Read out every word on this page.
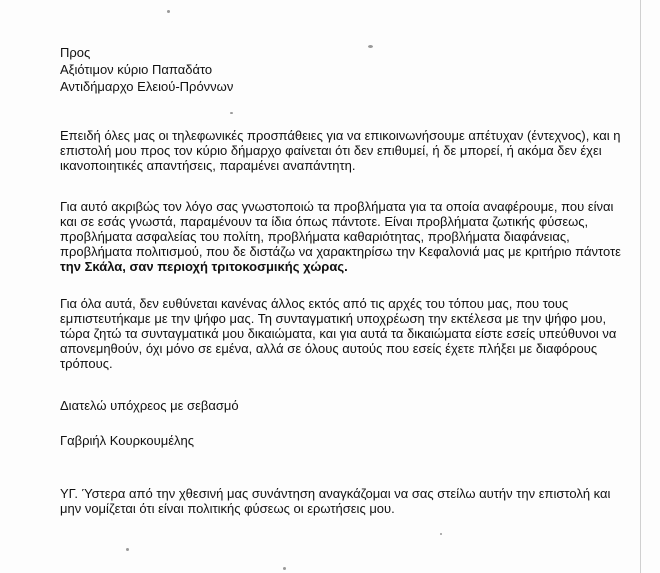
Προς
Αξιότιμον κύριο Παπαδάτο
Αντιδήμαρχο Ελειού-Πρόννων
Επειδή όλες μας οι τηλεφωνικές προσπάθειες για να επικοινωνήσουμε απέτυχαν (έντεχνος), και η
επιστολή μου προς τον κύριο δήμαρχο φαίνεται ότι δεν επιθυμεί, ή δε μπορεί, ή ακόμα δεν έχει
ικανοποιητικές απαντήσεις, παραμένει αναπάντητη.
Για αυτό ακριβώς τον λόγο σας γνωστοποιώ τα προβλήματα για τα οποία αναφέρουμε, που είναι
και σε εσάς γνωστά, παραμένουν τα ίδια όπως πάντοτε. Είναι προβλήματα ζωτικής φύσεως,
προβλήματα ασφαλείας του πολίτη, προβλήματα καθαριότητας, προβλήματα διαφάνειας,
προβλήματα πολιτισμού, που δε διστάζω να χαρακτηρίσω την Κεφαλονιά μας με κριτήριο πάντοτε
την Σκάλα, σαν περιοχή τριτοκοσμικής χώρας.
Για όλα αυτά, δεν ευθύνεται κανένας άλλος εκτός από τις αρχές του τόπου μας, που τους
εμπιστευτήκαμε με την ψήφο μας. Τη συνταγματική υποχρέωση την εκτέλεσα με την ψήφο μου,
τώρα ζητώ τα συνταγματικά μου δικαιώματα, και για αυτά τα δικαιώματα είστε εσείς υπεύθυνοι να
απονεμηθούν, όχι μόνο σε εμένα, αλλά σε όλους αυτούς που εσείς έχετε πλήξει με διαφόρους
τρόπους.
Διατελώ υπόχρεος με σεβασμό
Γαβριήλ Κουρκουμέλης
ΥΓ. Ύστερα από την χθεσινή μας συνάντηση αναγκάζομαι να σας στείλω αυτήν την επιστολή και
μην νομίζεται ότι είναι πολιτικής φύσεως οι ερωτήσεις μου.
